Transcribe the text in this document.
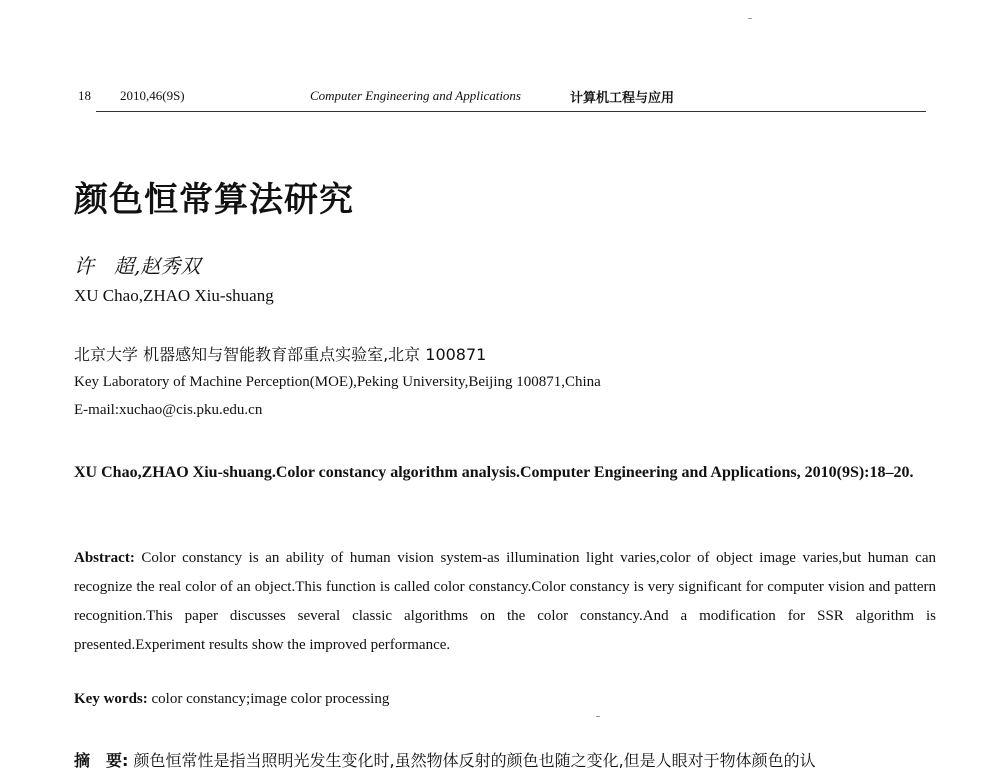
18 2010,46(9S)	Computer Engineering and Applications	计算机工程与应用
颜色恒常算法研究
许　超,赵秀双
XU Chao,ZHAO Xiu-shuang
北京大学 机器感知与智能教育部重点实验室,北京 100871
Key Laboratory of Machine Perception(MOE),Peking University,Beijing 100871,China
E-mail:xuchao@cis.pku.edu.cn
XU Chao,ZHAO Xiu-shuang.Color constancy algorithm analysis.Computer Engineering and Applications, 2010(9S):18–20.
Abstract: Color constancy is an ability of human vision system-as illumination light varies,color of object image varies,but human can recognize the real color of an object.This function is called color constancy.Color constancy is very significant for computer vision and pattern recognition.This paper discusses several classic algorithms on the color constancy.And a modification for SSR algorithm is presented.Experiment results show the improved performance.
Key words: color constancy;image color processing
摘　要: 颜色恒常性是指当照明光发生变化时,虽然物体反射的颜色也随之变化,但是人眼对于物体颜色的认
